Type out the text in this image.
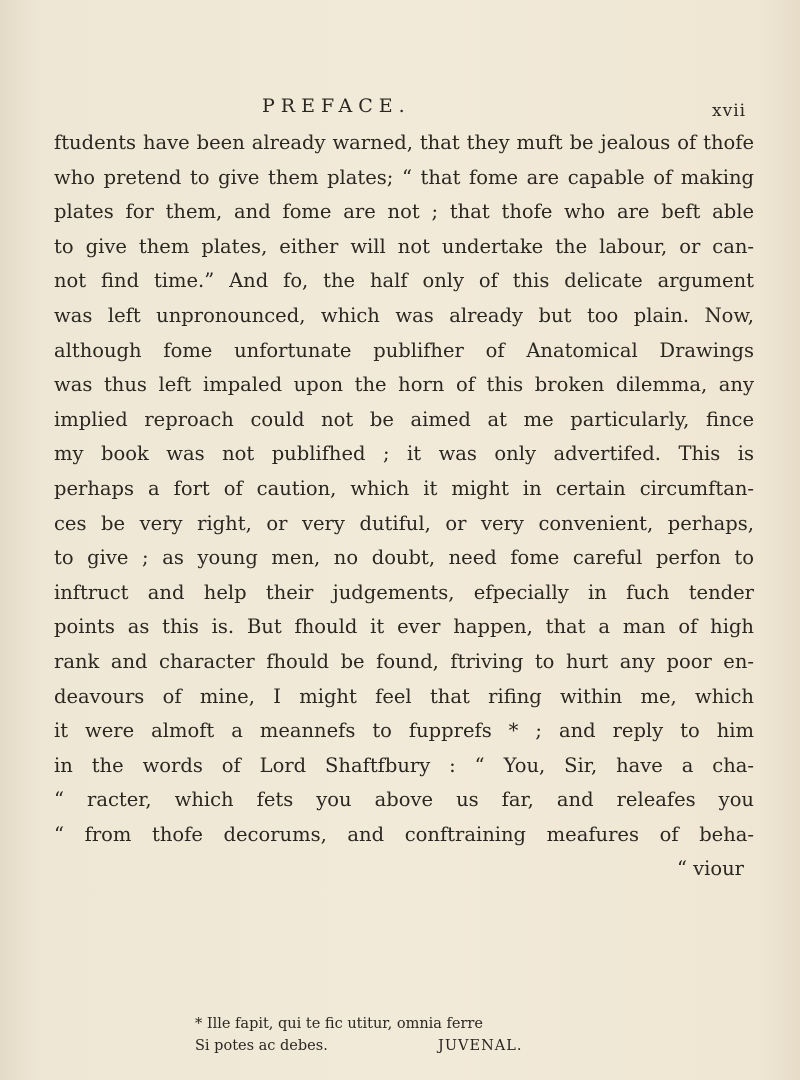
PREFACE.	xvii
ftudents have been already warned, that they muft be jealous of thofe
who pretend to give them plates; “ that fome are capable of making
plates for them, and fome are not ; that thofe who are beft able
to give them plates, either will not undertake the labour, or can-
not find time.” And fo, the half only of this delicate argument
was left unpronounced, which was already but too plain. Now,
although fome unfortunate publifher of Anatomical Drawings
was thus left impaled upon the horn of this broken dilemma, any
implied reproach could not be aimed at me particularly, fince
my book was not publifhed ; it was only advertifed. This is
perhaps a fort of caution, which it might in certain circumftan-
ces be very right, or very dutiful, or very convenient, perhaps,
to give ; as young men, no doubt, need fome careful perfon to
inftruct and help their judgements, efpecially in fuch tender
points as this is. But fhould it ever happen, that a man of high
rank and character fhould be found, ftriving to hurt any poor en-
deavours of mine, I might feel that rifing within me, which
it were almoft a meannefs to fupprefs * ; and reply to him
in the words of Lord Shaftfbury : “ You, Sir, have a cha-
“ racter, which fets you above us far, and releafes you
“ from thofe decorums, and conftraining meafures of beha-
“ viour
* Ille fapit, qui te fic utitur, omnia ferre
Si potes ac debes.	JUVENAL.
